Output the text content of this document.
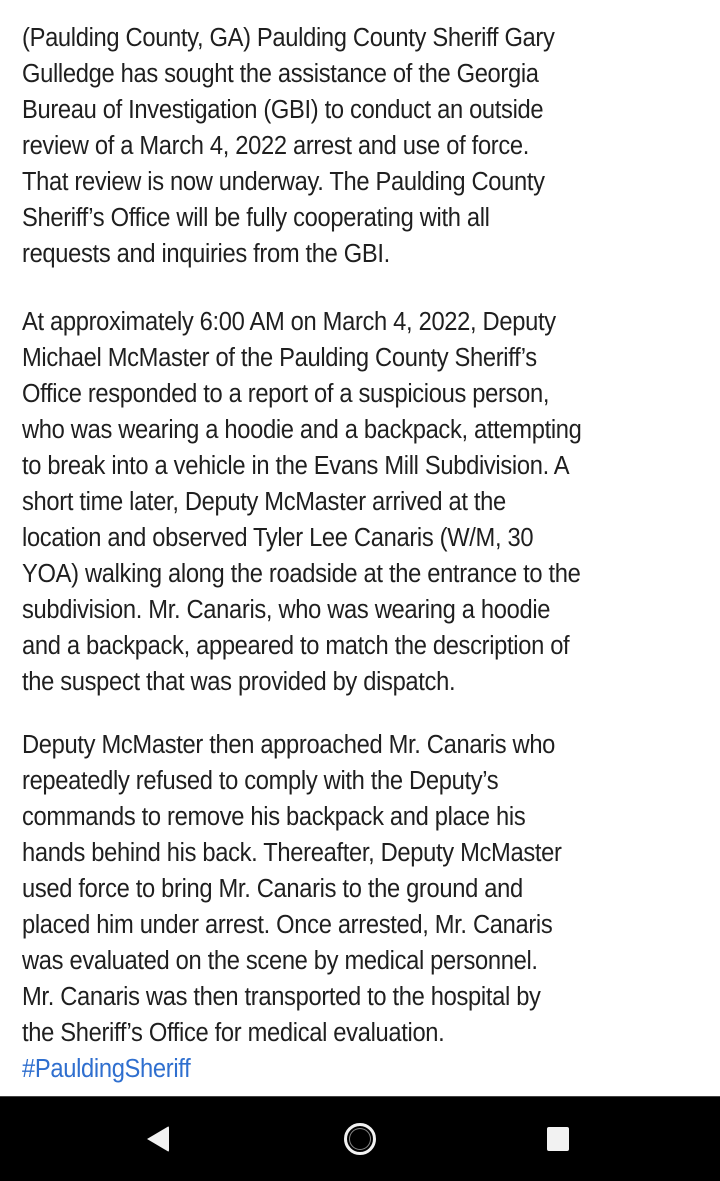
(Paulding County, GA) Paulding County Sheriff Gary
Gulledge has sought the assistance of the Georgia
Bureau of Investigation (GBI) to conduct an outside
review of a March 4, 2022 arrest and use of force.
That review is now underway. The Paulding County
Sheriff’s Office will be fully cooperating with all
requests and inquiries from the GBI.
At approximately 6:00 AM on March 4, 2022, Deputy
Michael McMaster of the Paulding County Sheriff’s
Office responded to a report of a suspicious person,
who was wearing a hoodie and a backpack, attempting
to break into a vehicle in the Evans Mill Subdivision. A
short time later, Deputy McMaster arrived at the
location and observed Tyler Lee Canaris (W/M, 30
YOA) walking along the roadside at the entrance to the
subdivision. Mr. Canaris, who was wearing a hoodie
and a backpack, appeared to match the description of
the suspect that was provided by dispatch.
Deputy McMaster then approached Mr. Canaris who
repeatedly refused to comply with the Deputy’s
commands to remove his backpack and place his
hands behind his back. Thereafter, Deputy McMaster
used force to bring Mr. Canaris to the ground and
placed him under arrest. Once arrested, Mr. Canaris
was evaluated on the scene by medical personnel.
Mr. Canaris was then transported to the hospital by
the Sheriff’s Office for medical evaluation.
#PauldingSheriff
